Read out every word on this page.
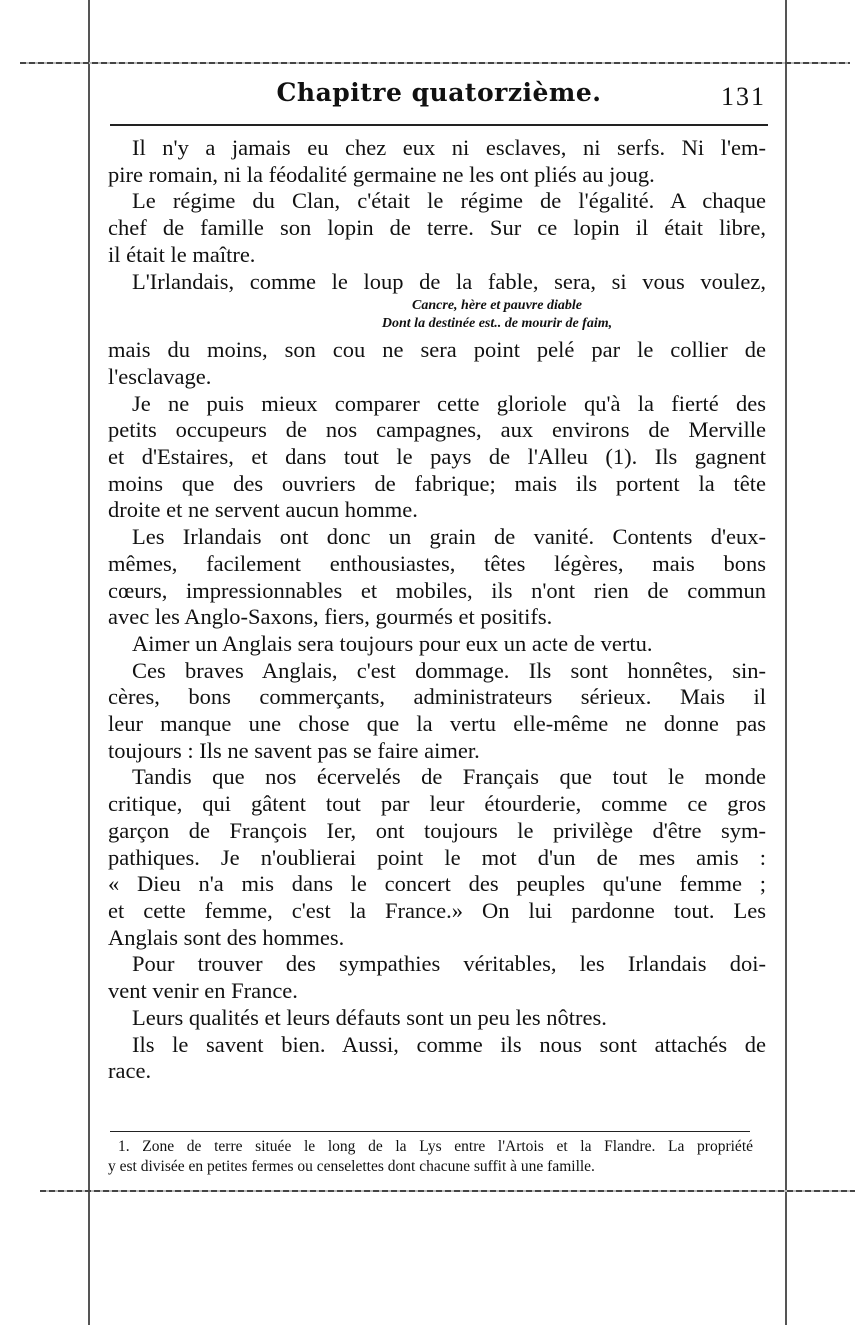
Chapitre quatorzième.	131
Il n'y a jamais eu chez eux ni esclaves, ni serfs. Ni l'em-
pire romain, ni la féodalité germaine ne les ont pliés au joug.
Le régime du Clan, c'était le régime de l'égalité. A chaque
chef de famille son lopin de terre. Sur ce lopin il était libre,
il était le maître.
L'Irlandais, comme le loup de la fable, sera, si vous voulez,
Cancre, hère et pauvre diable
Dont la destinée est.. de mourir de faim,
mais du moins, son cou ne sera point pelé par le collier de
l'esclavage.
Je ne puis mieux comparer cette gloriole qu'à la fierté des
petits occupeurs de nos campagnes, aux environs de Merville
et d'Estaires, et dans tout le pays de l'Alleu (1). Ils gagnent
moins que des ouvriers de fabrique; mais ils portent la tête
droite et ne servent aucun homme.
Les Irlandais ont donc un grain de vanité. Contents d'eux-
mêmes, facilement enthousiastes, têtes légères, mais bons
cœurs, impressionnables et mobiles, ils n'ont rien de commun
avec les Anglo-Saxons, fiers, gourmés et positifs.
Aimer un Anglais sera toujours pour eux un acte de vertu.
Ces braves Anglais, c'est dommage. Ils sont honnêtes, sin-
cères, bons commerçants, administrateurs sérieux. Mais il
leur manque une chose que la vertu elle-même ne donne pas
toujours : Ils ne savent pas se faire aimer.
Tandis que nos écervelés de Français que tout le monde
critique, qui gâtent tout par leur étourderie, comme ce gros
garçon de François Ier, ont toujours le privilège d'être sym-
pathiques. Je n'oublierai point le mot d'un de mes amis :
« Dieu n'a mis dans le concert des peuples qu'une femme ;
et cette femme, c'est la France.» On lui pardonne tout. Les
Anglais sont des hommes.
Pour trouver des sympathies véritables, les Irlandais doi-
vent venir en France.
Leurs qualités et leurs défauts sont un peu les nôtres.
Ils le savent bien. Aussi, comme ils nous sont attachés de
race.
1. Zone de terre située le long de la Lys entre l'Artois et la Flandre. La propriété
y est divisée en petites fermes ou censelettes dont chacune suffit à une famille.
